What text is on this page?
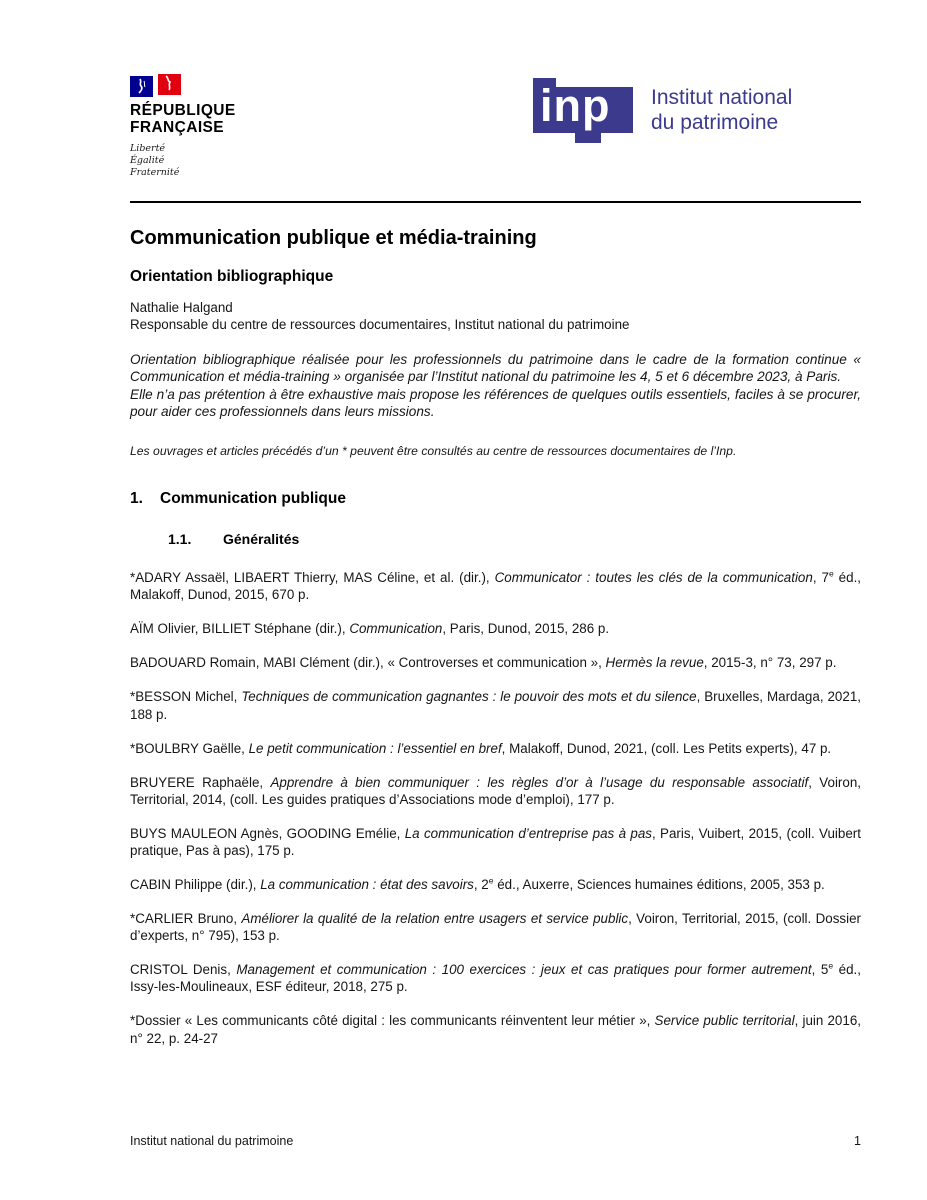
RÉPUBLIQUE
FRANÇAISE
Liberté
Égalité
Fraternité
inp Institut national
du patrimoine
Communication publique et média-training
Orientation bibliographique

Nathalie Halgand

Responsable du centre de ressources documentaires, Institut national du patrimoine

Orientation bibliographique réalisée pour les professionnels du patrimoine dans le cadre de la formation continue « Communication et média-training » organisée par l’Institut national du patrimoine les 4, 5 et 6 décembre 2023, à Paris.

Elle n’a pas prétention à être exhaustive mais propose les références de quelques outils essentiels, faciles à se procurer, pour aider ces professionnels dans leurs missions.

Les ouvrages et articles précédés d’un * peuvent être consultés au centre de ressources documentaires de l’Inp.

1.	Communication publique
1.1.	Généralités

*ADARY Assaël, LIBAERT Thierry, MAS Céline, et al. (dir.), Communicator : toutes les clés de la communication, 7e éd., Malakoff, Dunod, 2015, 670 p.

AÏM Olivier, BILLIET Stéphane (dir.), Communication, Paris, Dunod, 2015, 286 p.

BADOUARD Romain, MABI Clément (dir.), « Controverses et communication », Hermès la revue, 2015-3, n° 73, 297 p.

*BESSON Michel, Techniques de communication gagnantes : le pouvoir des mots et du silence, Bruxelles, Mardaga, 2021, 188 p.

*BOULBRY Gaëlle, Le petit communication : l’essentiel en bref, Malakoff, Dunod, 2021, (coll. Les Petits experts), 47 p.

BRUYERE Raphaële, Apprendre à bien communiquer : les règles d’or à l’usage du responsable associatif, Voiron, Territorial, 2014, (coll. Les guides pratiques d’Associations mode d’emploi), 177 p.

BUYS MAULEON Agnès, GOODING Emélie, La communication d’entreprise pas à pas, Paris, Vuibert, 2015, (coll. Vuibert pratique, Pas à pas), 175 p.

CABIN Philippe (dir.), La communication : état des savoirs, 2e éd., Auxerre, Sciences humaines éditions, 2005, 353 p.

*CARLIER Bruno, Améliorer la qualité de la relation entre usagers et service public, Voiron, Territorial, 2015, (coll. Dossier d’experts, n° 795), 153 p.

CRISTOL Denis, Management et communication : 100 exercices : jeux et cas pratiques pour former autrement, 5e éd., Issy-les-Moulineaux, ESF éditeur, 2018, 275 p.

*Dossier « Les communicants côté digital : les communicants réinventent leur métier », Service public territorial, juin 2016, n° 22, p. 24-27

Institut national du patrimoine	1
